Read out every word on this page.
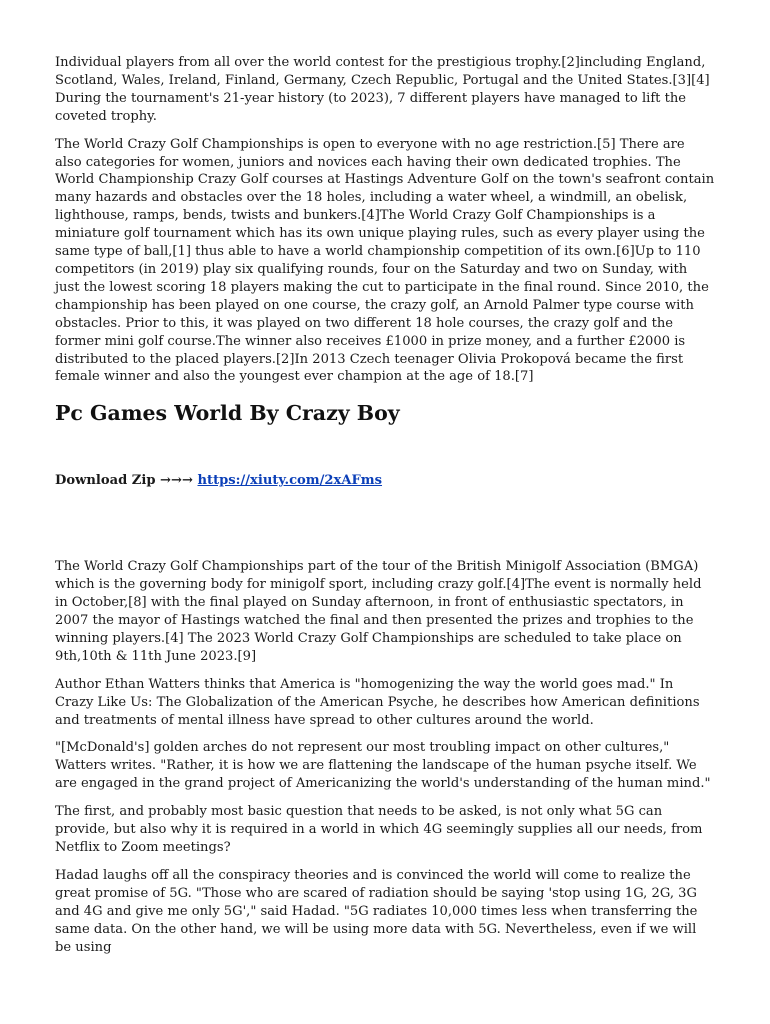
Individual players from all over the world contest for the prestigious trophy.[2]including England, Scotland, Wales, Ireland, Finland, Germany, Czech Republic, Portugal and the United States.[3][4] During the tournament's 21-year history (to 2023), 7 different players have managed to lift the coveted trophy.

The World Crazy Golf Championships is open to everyone with no age restriction.[5] There are also categories for women, juniors and novices each having their own dedicated trophies. The World Championship Crazy Golf courses at Hastings Adventure Golf on the town's seafront contain many hazards and obstacles over the 18 holes, including a water wheel, a windmill, an obelisk, lighthouse, ramps, bends, twists and bunkers.[4]The World Crazy Golf Championships is a miniature golf tournament which has its own unique playing rules, such as every player using the same type of ball,[1] thus able to have a world championship competition of its own.[6]Up to 110 competitors (in 2019) play six qualifying rounds, four on the Saturday and two on Sunday, with just the lowest scoring 18 players making the cut to participate in the final round. Since 2010, the championship has been played on one course, the crazy golf, an Arnold Palmer type course with obstacles. Prior to this, it was played on two different 18 hole courses, the crazy golf and the former mini golf course.The winner also receives £1000 in prize money, and a further £2000 is distributed to the placed players.[2]In 2013 Czech teenager Olivia Prokopová became the first female winner and also the youngest ever champion at the age of 18.[7]

Pc Games World By Crazy Boy
Download Zip →→→ https://xiuty.com/2xAFms

The World Crazy Golf Championships part of the tour of the British Minigolf Association (BMGA) which is the governing body for minigolf sport, including crazy golf.[4]The event is normally held in October,[8] with the final played on Sunday afternoon, in front of enthusiastic spectators, in 2007 the mayor of Hastings watched the final and then presented the prizes and trophies to the winning players.[4] The 2023 World Crazy Golf Championships are scheduled to take place on 9th,10th & 11th June 2023.[9]

Author Ethan Watters thinks that America is "homogenizing the way the world goes mad." In Crazy Like Us: The Globalization of the American Psyche, he describes how American definitions and treatments of mental illness have spread to other cultures around the world.

"[McDonald's] golden arches do not represent our most troubling impact on other cultures," Watters writes. "Rather, it is how we are flattening the landscape of the human psyche itself. We are engaged in the grand project of Americanizing the world's understanding of the human mind."

The first, and probably most basic question that needs to be asked, is not only what 5G can provide, but also why it is required in a world in which 4G seemingly supplies all our needs, from Netflix to Zoom meetings?

Hadad laughs off all the conspiracy theories and is convinced the world will come to realize the great promise of 5G. "Those who are scared of radiation should be saying 'stop using 1G, 2G, 3G and 4G and give me only 5G'," said Hadad. "5G radiates 10,000 times less when transferring the same data. On the other hand, we will be using more data with 5G. Nevertheless, even if we will be using
